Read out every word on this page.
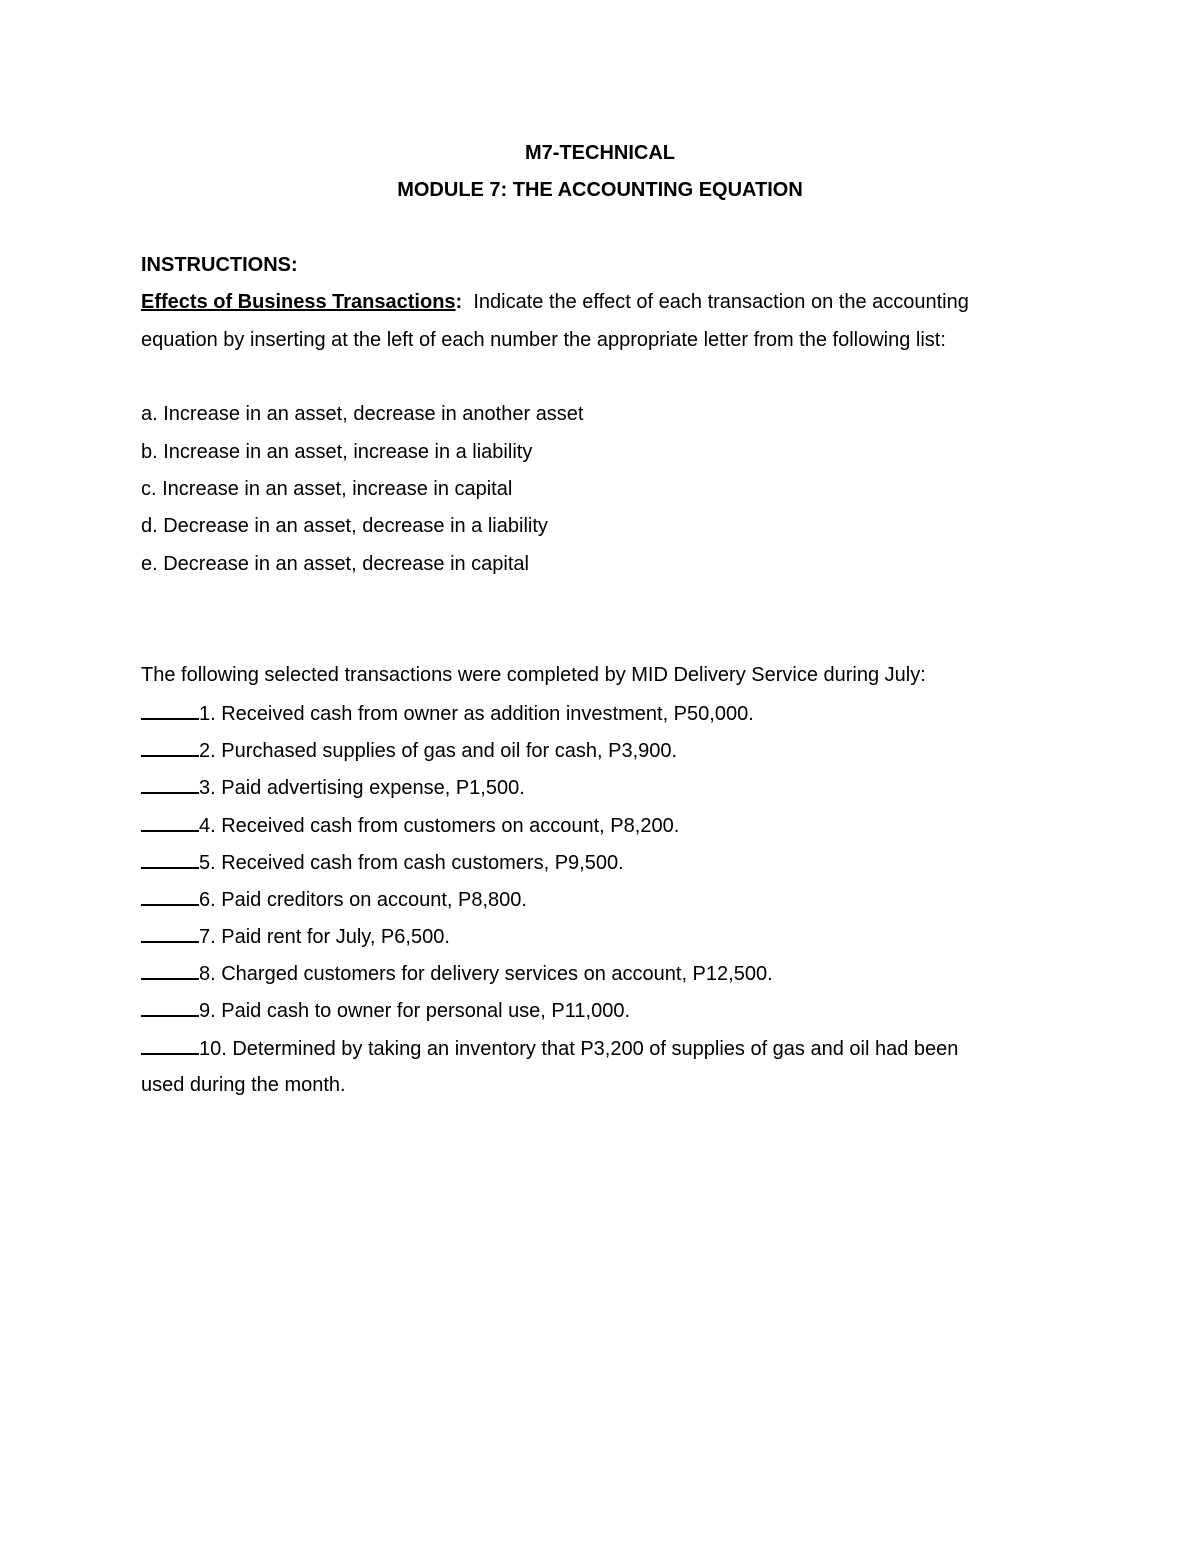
M7-TECHNICAL
MODULE 7: THE ACCOUNTING EQUATION
INSTRUCTIONS:
Effects of Business Transactions: Indicate the effect of each transaction on the accounting
equation by inserting at the left of each number the appropriate letter from the following list:
a. Increase in an asset, decrease in another asset
b. Increase in an asset, increase in a liability
c. Increase in an asset, increase in capital
d. Decrease in an asset, decrease in a liability
e. Decrease in an asset, decrease in capital
The following selected transactions were completed by MID Delivery Service during July:
1. Received cash from owner as addition investment, P50,000.
2. Purchased supplies of gas and oil for cash, P3,900.
3. Paid advertising expense, P1,500.
4. Received cash from customers on account, P8,200.
5. Received cash from cash customers, P9,500.
6. Paid creditors on account, P8,800.
7. Paid rent for July, P6,500.
8. Charged customers for delivery services on account, P12,500.
9. Paid cash to owner for personal use, P11,000.
10. Determined by taking an inventory that P3,200 of supplies of gas and oil had been
used during the month.
